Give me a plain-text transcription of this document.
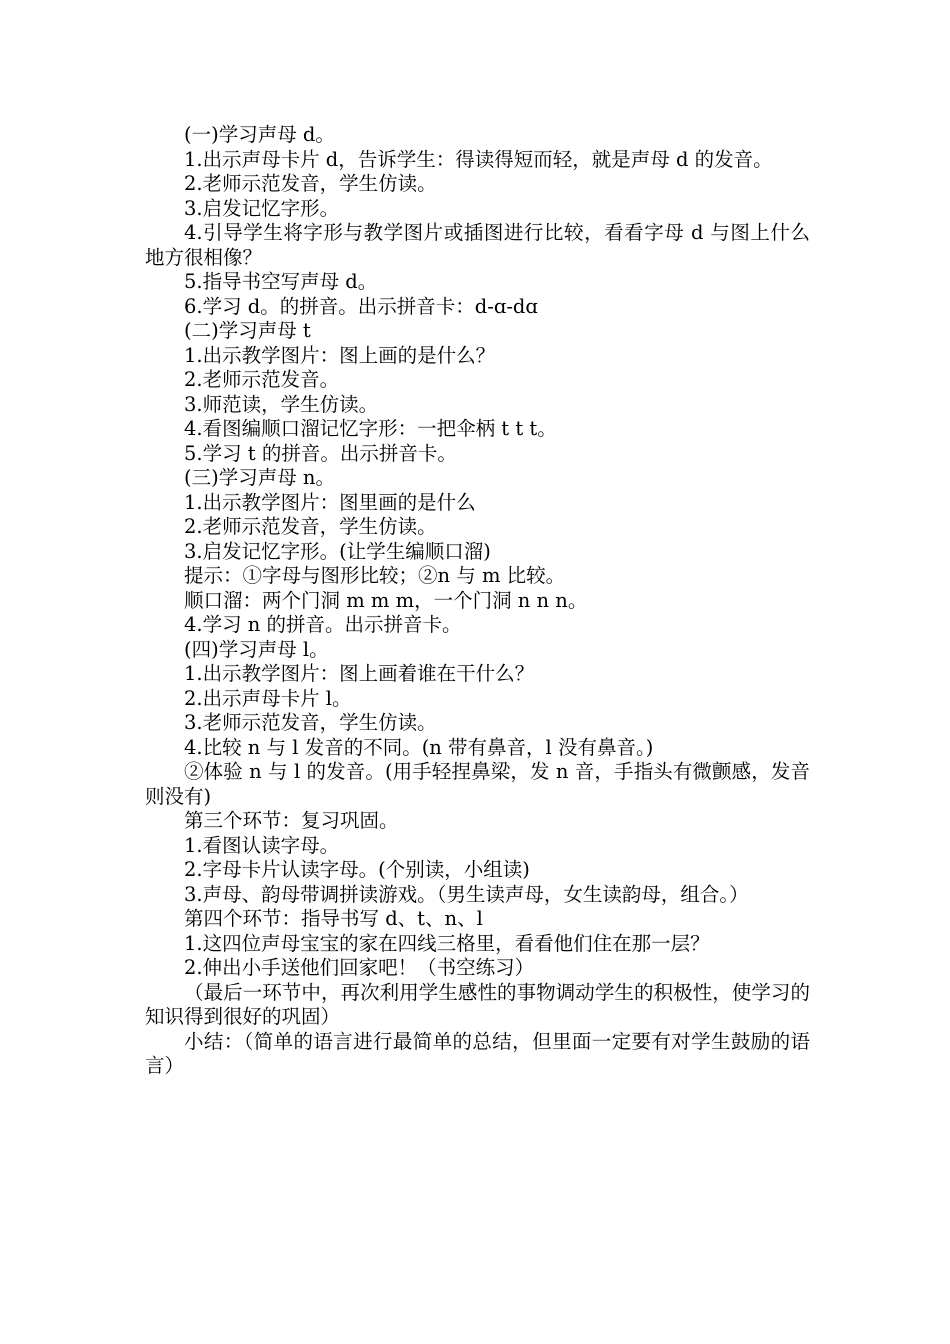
(一)学习声母 d。

1.出示声母卡片 d，告诉学生：得读得短而轻，就是声母 d 的发音。

2.老师示范发音，学生仿读。

3.启发记忆字形。

4.引导学生将字形与教学图片或插图进行比较，看看字母 d 与图上什么地方很相像？

5.指导书空写声母 d。

6.学习 d。的拼音。出示拼音卡：d-ɑ-dɑ

(二)学习声母 t

1.出示教学图片：图上画的是什么？

2.老师示范发音。

3.师范读，学生仿读。

4.看图编顺口溜记忆字形：一把伞柄 t t t。

5.学习 t 的拼音。出示拼音卡。

(三)学习声母 n。

1.出示教学图片：图里画的是什么

2.老师示范发音，学生仿读。

3.启发记忆字形。(让学生编顺口溜)

提示：①字母与图形比较；②n 与 m 比较。

顺口溜：两个门洞 m m m，一个门洞 n n n。

4.学习 n 的拼音。出示拼音卡。

(四)学习声母 l。

1.出示教学图片：图上画着谁在干什么？

2.出示声母卡片 l。

3.老师示范发音，学生仿读。

4.比较 n 与 l 发音的不同。(n 带有鼻音，l 没有鼻音。)

②体验 n 与 l 的发音。(用手轻捏鼻梁，发 n 音，手指头有微颤感，发音则没有)

第三个环节：复习巩固。

1.看图认读字母。

2.字母卡片认读字母。(个别读，小组读)

3.声母、韵母带调拼读游戏。（男生读声母，女生读韵母，组合。）

第四个环节：指导书写 d、t、n、l

1.这四位声母宝宝的家在四线三格里，看看他们住在那一层？

2.伸出小手送他们回家吧！（书空练习）

（最后一环节中，再次利用学生感性的事物调动学生的积极性，使学习的知识得到很好的巩固）

小结：（简单的语言进行最简单的总结，但里面一定要有对学生鼓励的语言）
